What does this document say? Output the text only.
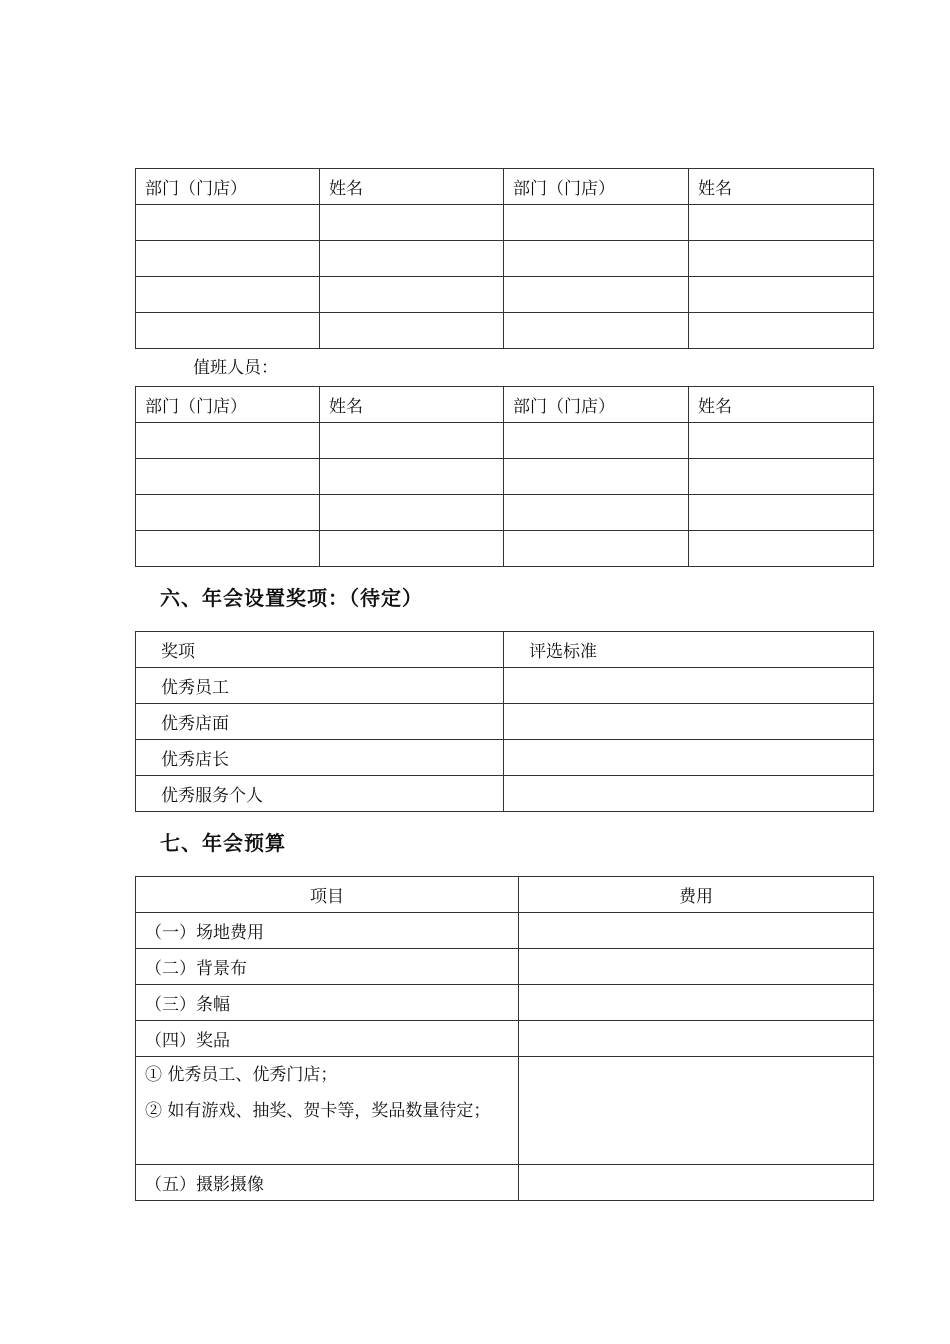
部门（门店）	姓名	部门（门店）	姓名

值班人员：
部门（门店）	姓名	部门（门店）	姓名

六、年会设置奖项：（待定）
奖项	评选标准
优秀员工	
优秀店面	
优秀店长	
优秀服务个人	
七、年会预算
项目	费用
（一）场地费用	
（二）背景布	
（三）条幅	
（四）奖品	

① 优秀员工、优秀门店；
② 如有游戏、抽奖、贺卡等，奖品数量待定；	

（五）摄影摄像	
